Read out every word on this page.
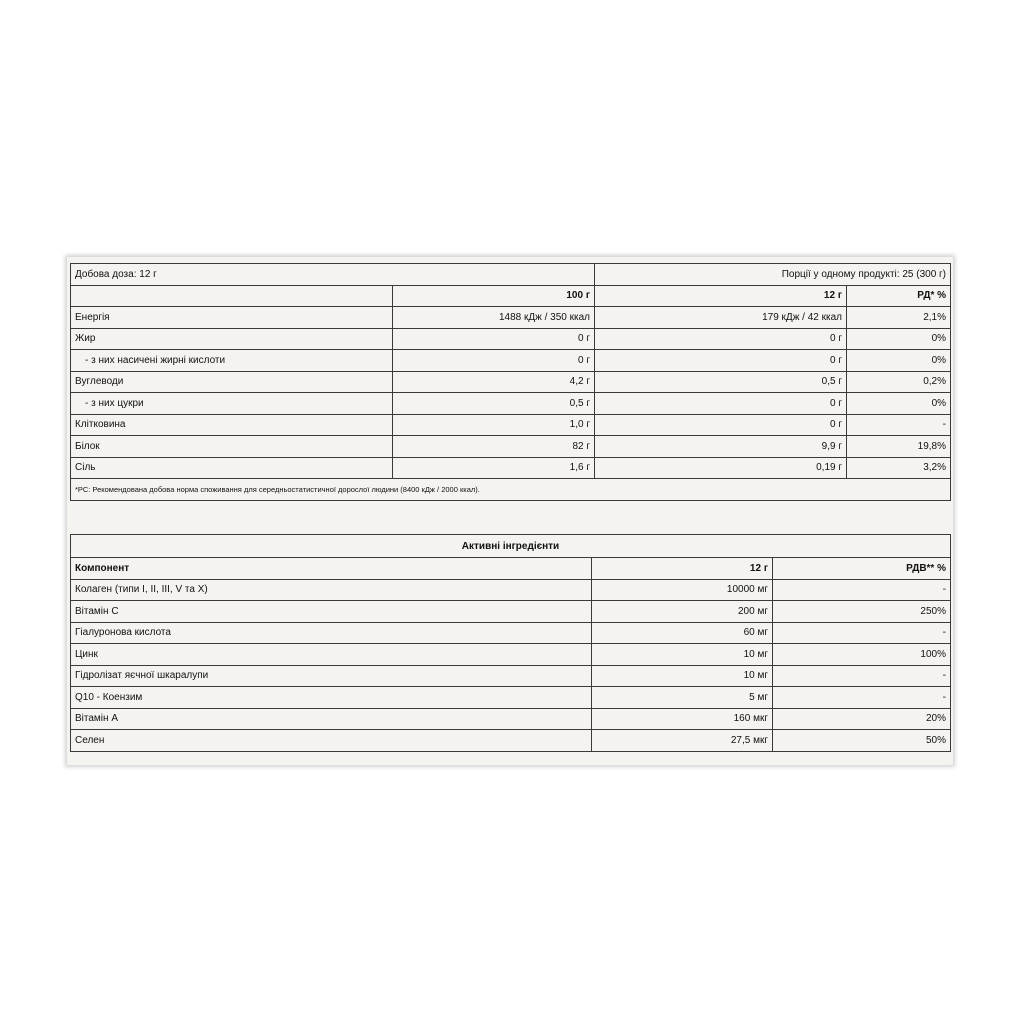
Добова доза: 12 г		Порції у одному продукті: 25 (300 г)	
	100 г	12 г	РД* %
Енергія	1488 кДж / 350 ккал	179 кДж / 42 ккал	2,1%
Жир	0 г	0 г	0%
- з них насичені жирні кислоти	0 г	0 г	0%
Вуглеводи	4,2 г	0,5 г	0,2%
- з них цукри	0,5 г	0 г	0%
Клітковина	1,0 г	0 г	-
Білок	82 г	9,9 г	19,8%
Сіль	1,6 г	0,19 г	3,2%
*РС: Рекомендована добова норма споживання для середньостатистичної дорослої людини (8400 кДж / 2000 ккал).			
Активні інгредієнти		
Компонент	12 г	РДВ** %
Колаген (типи I, II, III, V та X)	10000 мг	-
Вітамін С	200 мг	250%
Гіалуронова кислота	60 мг	-
Цинк	10 мг	100%
Гідролізат яєчної шкаралупи	10 мг	-
Q10 - Коензим	5 мг	-
Вітамін А	160 мкг	20%
Селен	27,5 мкг	50%
